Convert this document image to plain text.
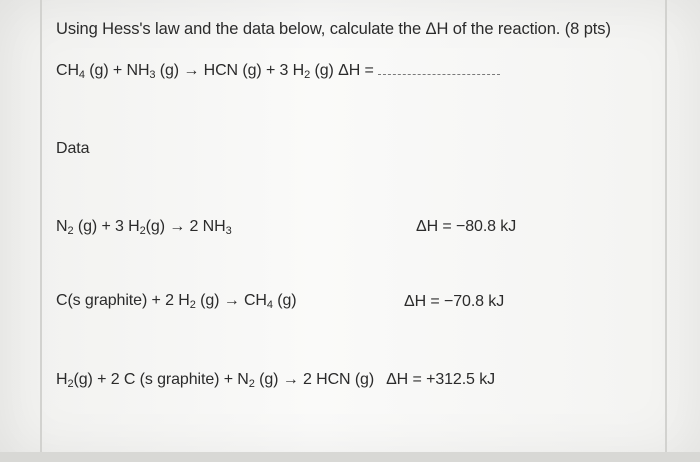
Using Hess's law and the data below, calculate the ΔH of the reaction. (8 pts)
$CH_4$ $(g) + NH_3$ (g) → HCN (g) + 3 $H_2$ (g) ΔH =
Data
$N_2$ (g) + 3 $H_2(g) \to 2$ $NH_3$	ΔH = −80.8 kJ
C(s graphite) + 2 $H_2$ $(g) \to CH_4$ (g)	ΔH = −70.8 kJ
$H_2(g) + 2$ C (s graphite) + $N_2$ (g) → 2 HCN (g) ΔH = +312.5 kJ
